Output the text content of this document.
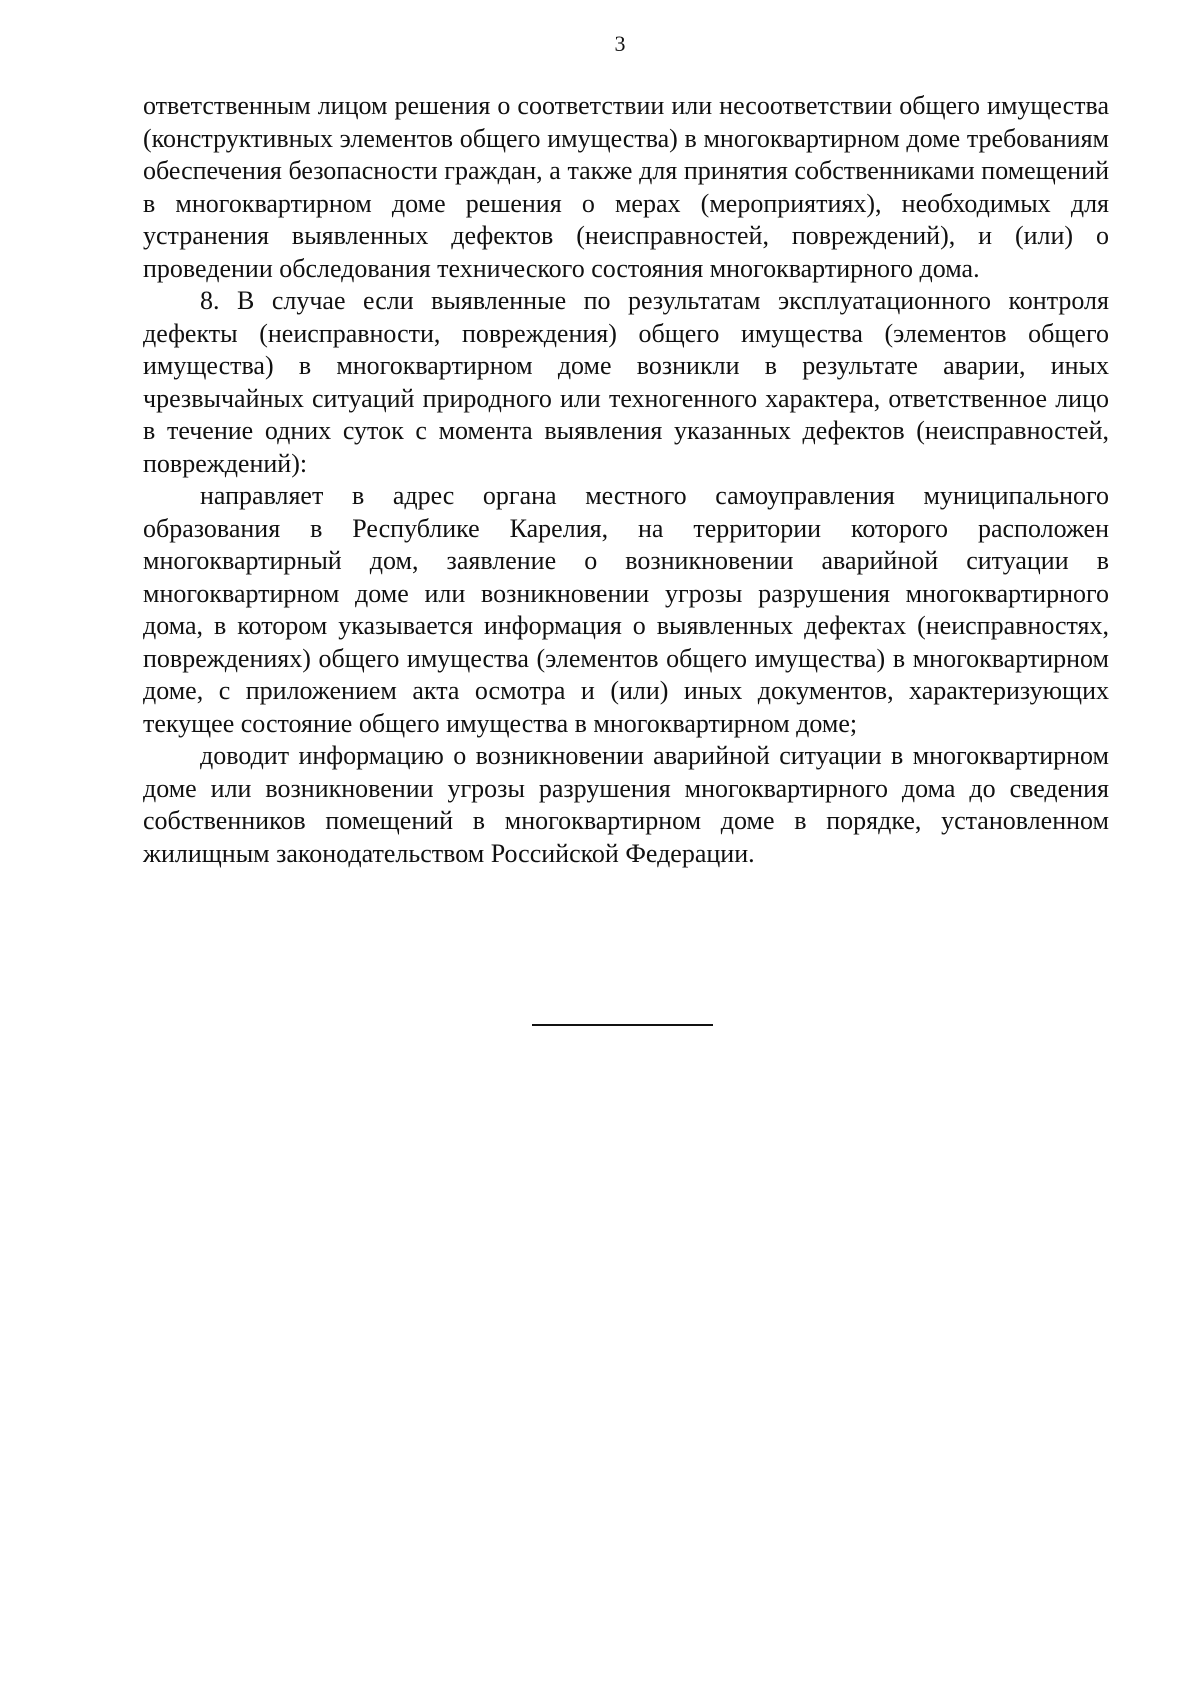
3

ответственным лицом решения о соответствии или несоответствии общего имущества (конструктивных элементов общего имущества) в многоквартирном доме требованиям обеспечения безопасности граждан, а также для принятия собственниками помещений в многоквартирном доме решения о мерах (мероприятиях), необходимых для устранения выявленных дефектов (неисправностей, повреждений), и (или) о проведении обследования технического состояния многоквартирного дома.

8. В случае если выявленные по результатам эксплуатационного контроля дефекты (неисправности, повреждения) общего имущества (элементов общего имущества) в многоквартирном доме возникли в результате аварии, иных чрезвычайных ситуаций природного или техногенного характера, ответственное лицо в течение одних суток с момента выявления указанных дефектов (неисправностей, повреждений):

направляет в адрес органа местного самоуправления муниципального образования в Республике Карелия, на территории которого расположен многоквартирный дом, заявление о возникновении аварийной ситуации в многоквартирном доме или возникновении угрозы разрушения многоквартирного дома, в котором указывается информация о выявленных дефектах (неисправностях, повреждениях) общего имущества (элементов общего имущества) в многоквартирном доме, с приложением акта осмотра и (или) иных документов, характеризующих текущее состояние общего имущества в многоквартирном доме;

доводит информацию о возникновении аварийной ситуации в многоквартирном доме или возникновении угрозы разрушения многоквартирного дома до сведения собственников помещений в многоквартирном доме в порядке, установленном жилищным законодательством Российской Федерации.
